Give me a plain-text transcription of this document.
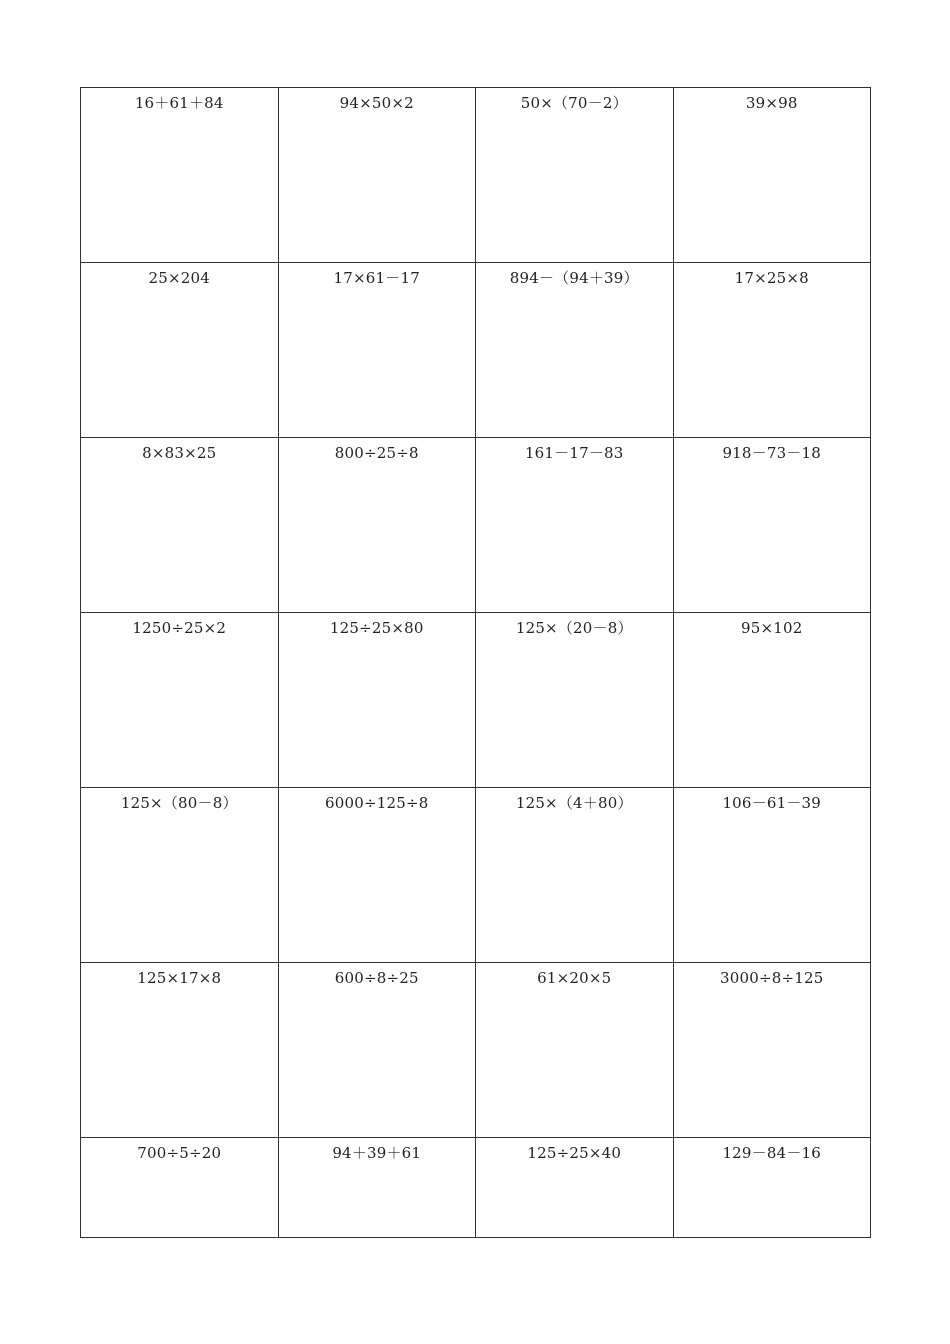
16＋61＋84	94×50×2	50×（70－2）	39×98
25×204	17×61－17	894－（94＋39）	17×25×8
8×83×25	800÷25÷8	161－17－83	918－73－18
1250÷25×2	125÷25×80	125×（20－8）	95×102
125×（80－8）	6000÷125÷8	125×（4＋80）	106－61－39
125×17×8	600÷8÷25	61×20×5	3000÷8÷125
700÷5÷20	94＋39＋61	125÷25×40	129－84－16
